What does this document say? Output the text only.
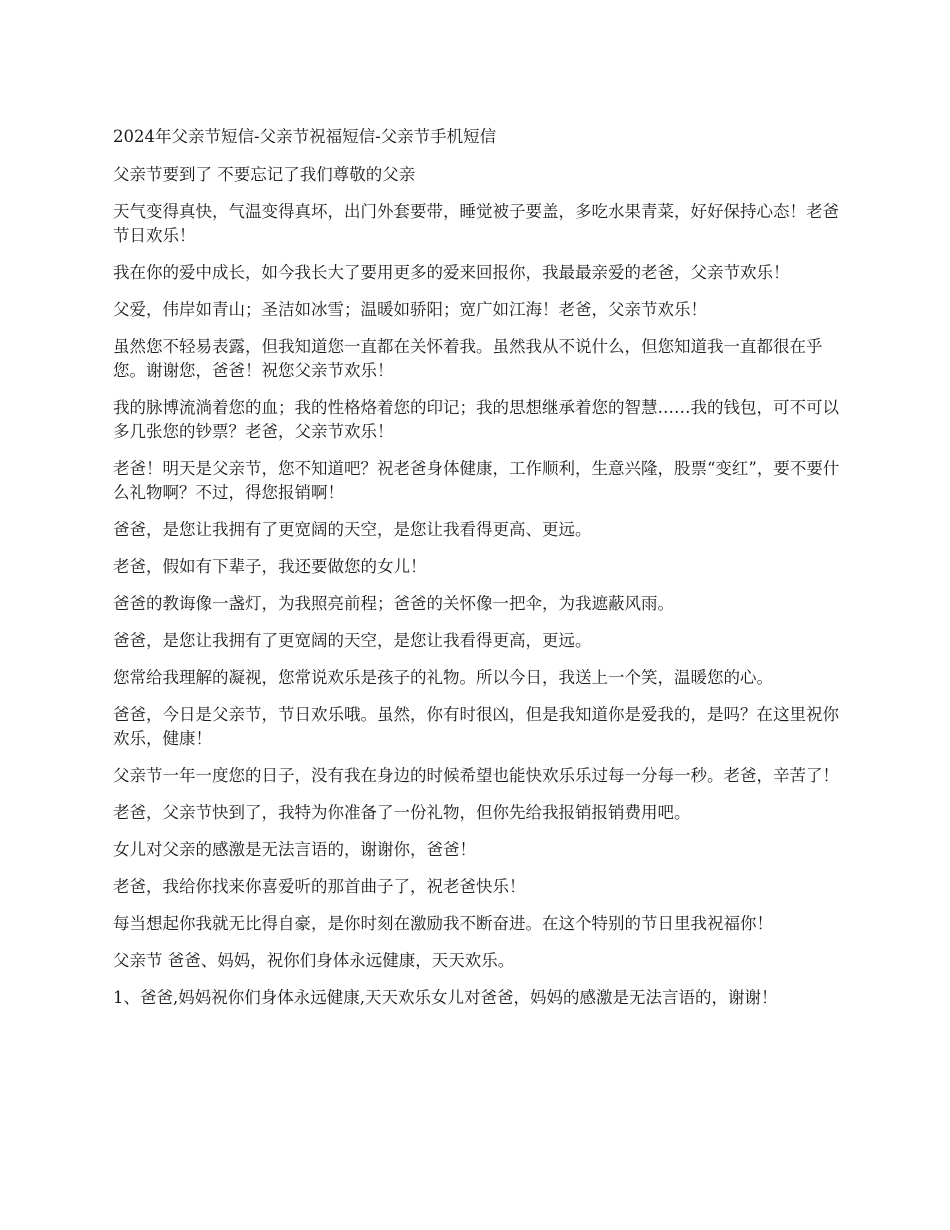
2024年父亲节短信-父亲节祝福短信-父亲节手机短信
父亲节要到了 不要忘记了我们尊敬的父亲
天气变得真快，气温变得真坏，出门外套要带，睡觉被子要盖，多吃水果青菜，好好保持心态！老爸节日欢乐！
我在你的爱中成长，如今我长大了要用更多的爱来回报你，我最最亲爱的老爸，父亲节欢乐！
父爱，伟岸如青山；圣洁如冰雪；温暖如骄阳；宽广如江海！老爸，父亲节欢乐！
虽然您不轻易表露，但我知道您一直都在关怀着我。虽然我从不说什么，但您知道我一直都很在乎您。谢谢您，爸爸！祝您父亲节欢乐！
我的脉博流淌着您的血；我的性格烙着您的印记；我的思想继承着您的智慧……我的钱包，可不可以多几张您的钞票？老爸，父亲节欢乐！
老爸！明天是父亲节，您不知道吧？祝老爸身体健康，工作顺利，生意兴隆，股票“变红”，要不要什么礼物啊？不过，得您报销啊！
爸爸，是您让我拥有了更宽阔的天空，是您让我看得更高、更远。
老爸，假如有下辈子，我还要做您的女儿！
爸爸的教诲像一盏灯，为我照亮前程；爸爸的关怀像一把伞，为我遮蔽风雨。
爸爸，是您让我拥有了更宽阔的天空，是您让我看得更高，更远。
您常给我理解的凝视，您常说欢乐是孩子的礼物。所以今日，我送上一个笑，温暖您的心。
爸爸，今日是父亲节，节日欢乐哦。虽然，你有时很凶，但是我知道你是爱我的，是吗？在这里祝你欢乐，健康！
父亲节一年一度您的日子，没有我在身边的时候希望也能快欢乐乐过每一分每一秒。老爸，辛苦了！
老爸，父亲节快到了，我特为你准备了一份礼物，但你先给我报销报销费用吧。
女儿对父亲的感激是无法言语的，谢谢你，爸爸！
老爸，我给你找来你喜爱听的那首曲子了，祝老爸快乐！
每当想起你我就无比得自豪，是你时刻在激励我不断奋进。在这个特别的节日里我祝福你！
父亲节 爸爸、妈妈，祝你们身体永远健康，天天欢乐。
1、爸爸,妈妈祝你们身体永远健康,天天欢乐女儿对爸爸，妈妈的感激是无法言语的，谢谢！
